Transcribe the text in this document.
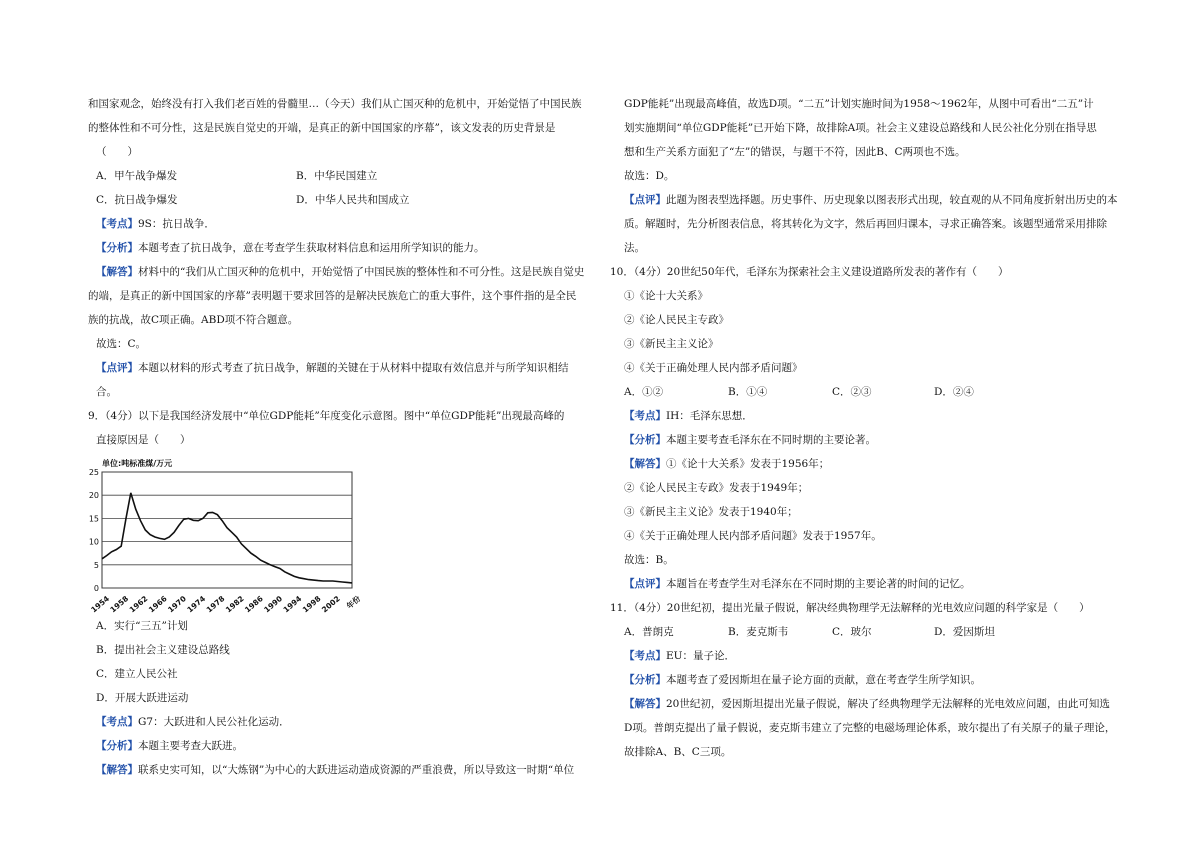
和国家观念，始终没有打入我们老百姓的骨髓里…（今天）我们从亡国灭种的危机中，开始觉悟了中国民族

的整体性和不可分性，这是民族自觉史的开端，是真正的新中国国家的序幕”，该文发表的历史背景是

（　　）

A．甲午战争爆发	B．中华民国建立
C．抗日战争爆发	D．中华人民共和国成立

【考点】9S：抗日战争．

【分析】本题考查了抗日战争，意在考查学生获取材料信息和运用所学知识的能力。

【解答】材料中的“我们从亡国灭种的危机中，开始觉悟了中国民族的整体性和不可分性。这是民族自觉史

的端，是真正的新中国国家的序幕”表明题干要求回答的是解决民族危亡的重大事件，这个事件指的是全民

族的抗战，故C项正确。ABD项不符合题意。

故选：C。

【点评】本题以材料的形式考查了抗日战争，解题的关键在于从材料中提取有效信息并与所学知识相结合。

9．（4分）以下是我国经济发展中“单位GDP能耗”年度变化示意图。图中“单位GDP能耗”出现最高峰的

直接原因是（　　）

0
5
10
15
20
25
单位:吨标准煤/万元
1954
1958
1962
1966
1970
1974
1978
1982
1986
1990
1994
1998
2002 年份

A．实行“三五”计划

B．提出社会主义建设总路线

C．建立人民公社

D．开展大跃进运动

【考点】G7：大跃进和人民公社化运动．

【分析】本题主要考查大跃进。

【解答】联系史实可知，以“大炼钢”为中心的大跃进运动造成资源的严重浪费，所以导致这一时期“单位

GDP能耗”出现最高峰值，故选D项。“二五”计划实施时间为1958～1962年，从图中可看出“二五”计

划实施期间“单位GDP能耗”已开始下降，故排除A项。社会主义建设总路线和人民公社化分别在指导思

想和生产关系方面犯了“左”的错误，与题干不符，因此B、C两项也不选。

故选：D。

【点评】此题为图表型选择题。历史事件、历史现象以图表形式出现，较直观的从不同角度折射出历史的本

质。解题时，先分析图表信息，将其转化为文字，然后再回归课本，寻求正确答案。该题型通常采用排除

法。

10．（4分）20世纪50年代，毛泽东为探索社会主义建设道路所发表的著作有（　　）

①《论十大关系》

②《论人民民主专政》

③《新民主主义论》

④《关于正确处理人民内部矛盾问题》

A．①②	B．①④	C．②③	D．②④

【考点】IH：毛泽东思想．

【分析】本题主要考查毛泽东在不同时期的主要论著。

【解答】①《论十大关系》发表于1956年；

②《论人民民主专政》发表于1949年；

③《新民主主义论》发表于1940年；

④《关于正确处理人民内部矛盾问题》发表于1957年。

故选：B。

【点评】本题旨在考查学生对毛泽东在不同时期的主要论著的时间的记忆。

11．（4分）20世纪初，提出光量子假说，解决经典物理学无法解释的光电效应问题的科学家是（　　）

A．普朗克	B．麦克斯韦	C．玻尔	D．爱因斯坦

【考点】EU：量子论．

【分析】本题考查了爱因斯坦在量子论方面的贡献，意在考查学生所学知识。

【解答】20世纪初，爱因斯坦提出光量子假说，解决了经典物理学无法解释的光电效应问题，由此可知选

D项。普朗克提出了量子假说，麦克斯韦建立了完整的电磁场理论体系，玻尔提出了有关原子的量子理论，

故排除A、B、C三项。
